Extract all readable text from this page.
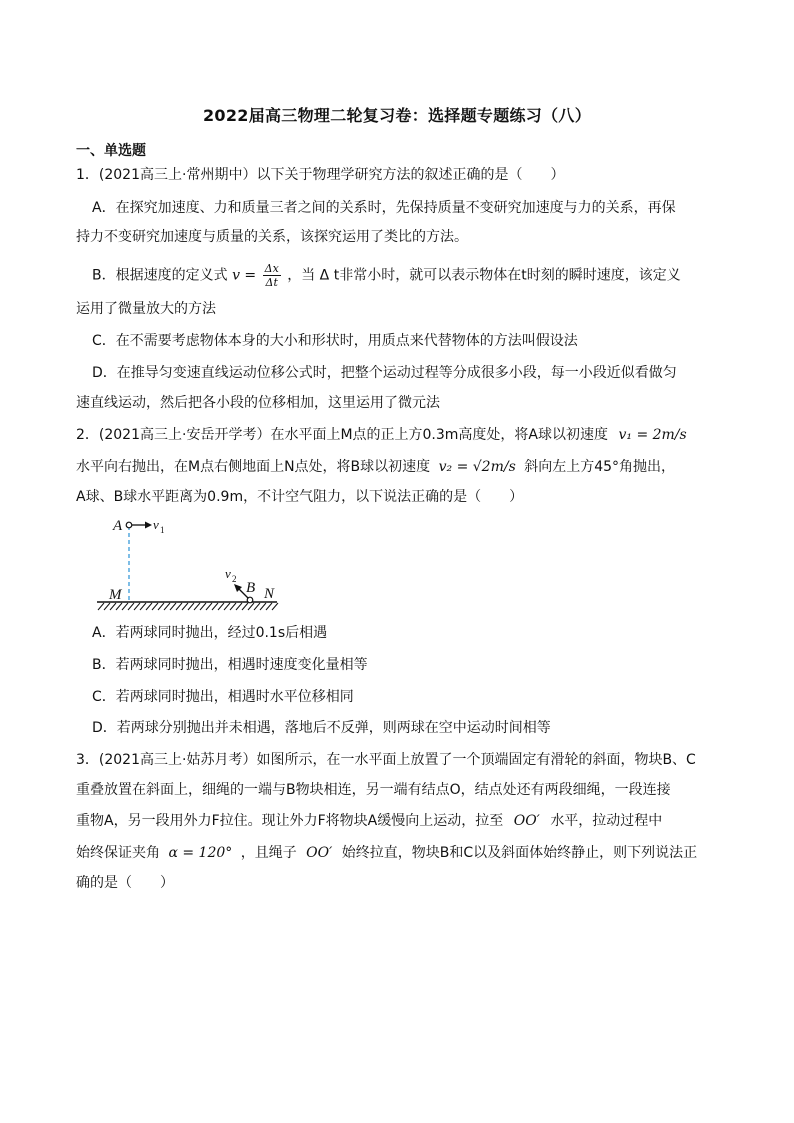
2022届高三物理二轮复习卷：选择题专题练习（八）
一、单选题
1．(2021高三上·常州期中）以下关于物理学研究方法的叙述正确的是（　　）
A．在探究加速度、力和质量三者之间的关系时，先保持质量不变研究加速度与力的关系，再保
持力不变研究加速度与质量的关系，该探究运用了类比的方法。
B．根据速度的定义式 $v = \frac{\Delta x}{\Delta t}$ ，当 Δ t非常小时，就可以表示物体在t时刻的瞬时速度，该定义
运用了微量放大的方法
C．在不需要考虑物体本身的大小和形状时，用质点来代替物体的方法叫假设法
D．在推导匀变速直线运动位移公式时，把整个运动过程等分成很多小段，每一小段近似看做匀
速直线运动，然后把各小段的位移相加，这里运用了微元法
2．(2021高三上·安岳开学考）在水平面上M点的正上方0.3m高度处，将A球以初速度 v₁ = 2m/s
水平向右抛出，在M点右侧地面上N点处，将B球以初速度 v₂ = √2m/s 斜向左上方45°角抛出，
A球、B球水平距离为0.9m，不计空气阻力，以下说法正确的是（　　）
A v 1
M
v 2
B N
A．若两球同时抛出，经过0.1s后相遇
B．若两球同时抛出，相遇时速度变化量相等
C．若两球同时抛出，相遇时水平位移相同
D．若两球分别抛出并未相遇，落地后不反弹，则两球在空中运动时间相等
3．(2021高三上·姑苏月考）如图所示，在一水平面上放置了一个顶端固定有滑轮的斜面，物块B、C
重叠放置在斜面上，细绳的一端与B物块相连，另一端有结点O，结点处还有两段细绳，一段连接
重物A，另一段用外力F拉住。现让外力F将物块A缓慢向上运动，拉至 OO′ 水平，拉动过程中
始终保证夹角 α = 120° ，且绳子 OO′ 始终拉直，物块B和C以及斜面体始终静止，则下列说法正
确的是（　　）
